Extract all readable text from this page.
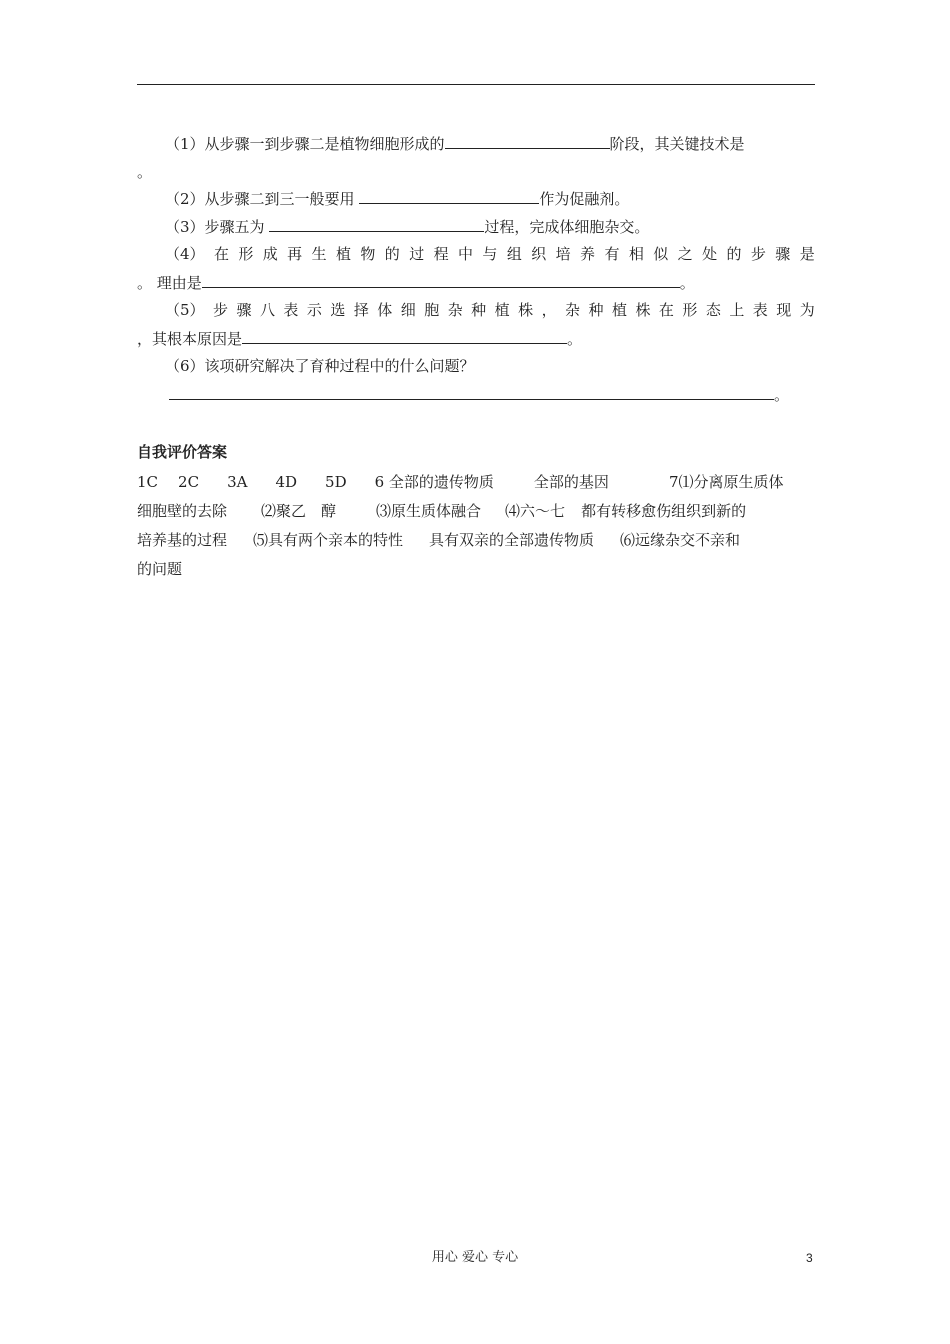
（1）从步骤一到步骤二是植物细胞形成的	阶段，其关键技术是
。
（2）从步骤二到三一般要用	作为促融剂。
（3）步骤五为	过程，完成体细胞杂交。
（4） 在 形 成 再 生 植 物 的 过 程 中 与 组 织 培 养 有 相 似 之 处 的 步 骤 是
。 理由是	。
（5） 步 骤 八 表 示 选 择 体 细 胞 杂 种 植 株 ， 杂 种 植 株 在 形 态 上 表 现 为
，其根本原因是	。
（6）该项研究解决了育种过程中的什么问题？
。
自我评价答案
1C 2C 3A 4D 5D 6 全部的遗传物质	全部的基因	7⑴分离原生质体
细胞壁的去除 ⑵聚乙　醇	⑶原生质体融合 ⑷六～七 都有转移愈伤组织到新的
培养基的过程 ⑸具有两个亲本的特性 具有双亲的全部遗传物质 ⑹远缘杂交不亲和
的问题
用心 爱心 专心	3
